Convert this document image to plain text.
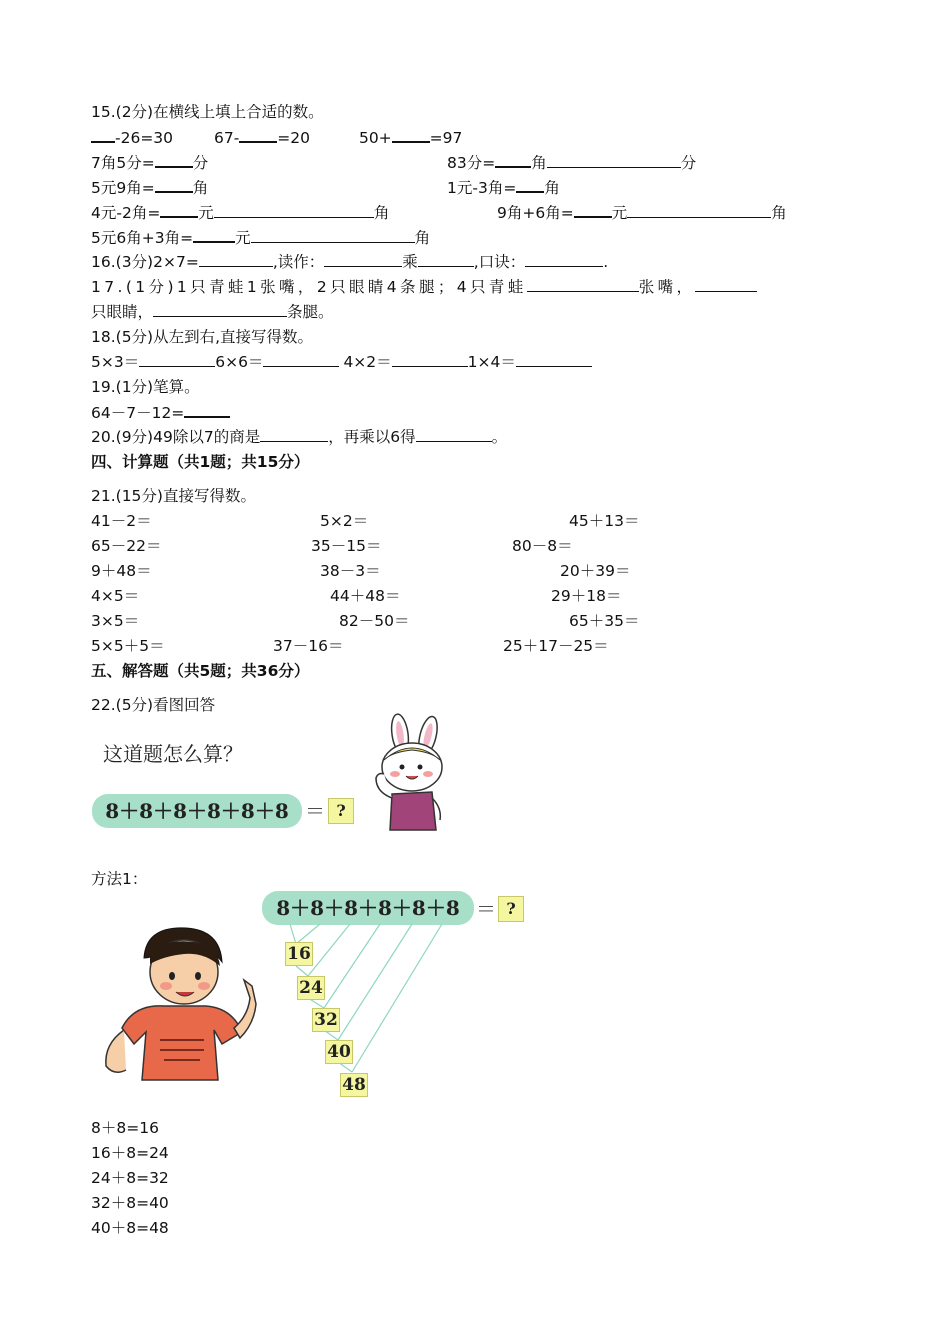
15.(2分)在横线上填上合适的数。
-26=30	67- =20	50+ =97
7角5分= 分	83分= 角	分
5元9角= 角	1元-3角= 角
4元-2角= 元	角	9角+6角= 元	角
5元6角+3角=	元	角
16.(3分)2×7=	,读作：	乘	,口诀：	.
17.(1分)1只青蛙1张嘴，2只眼睛4条腿；4只青蛙	张嘴，
只眼睛，	条腿。
18.(5分)从左到右,直接写得数。
5×3＝	6×6＝	4×2＝	1×4＝
19.(1分)笔算。
64－7－12=
20.(9分)49除以7的商是	，再乘以6得	。
四、计算题（共1题；共15分）
21.(15分)直接写得数。
41－2＝	5×2＝	45＋13＝
65－22＝	35－15＝	80－8＝
9＋48＝	38－3＝	20＋39＝
4×5＝	44＋48＝	29＋18＝
3×5＝	82－50＝	65＋35＝
5×5＋5＝	37－16＝	25＋17－25＝
五、解答题（共5题；共36分）
22.(5分)看图回答
这道题怎么算？
8＋8＋8＋8＋8＋8 ＝ ?
方法1：
8＋8＋8＋8＋8＋8 ＝ ?
16
24
32
40
48
8＋8=16
16＋8=24
24＋8=32
32＋8=40
40＋8=48
